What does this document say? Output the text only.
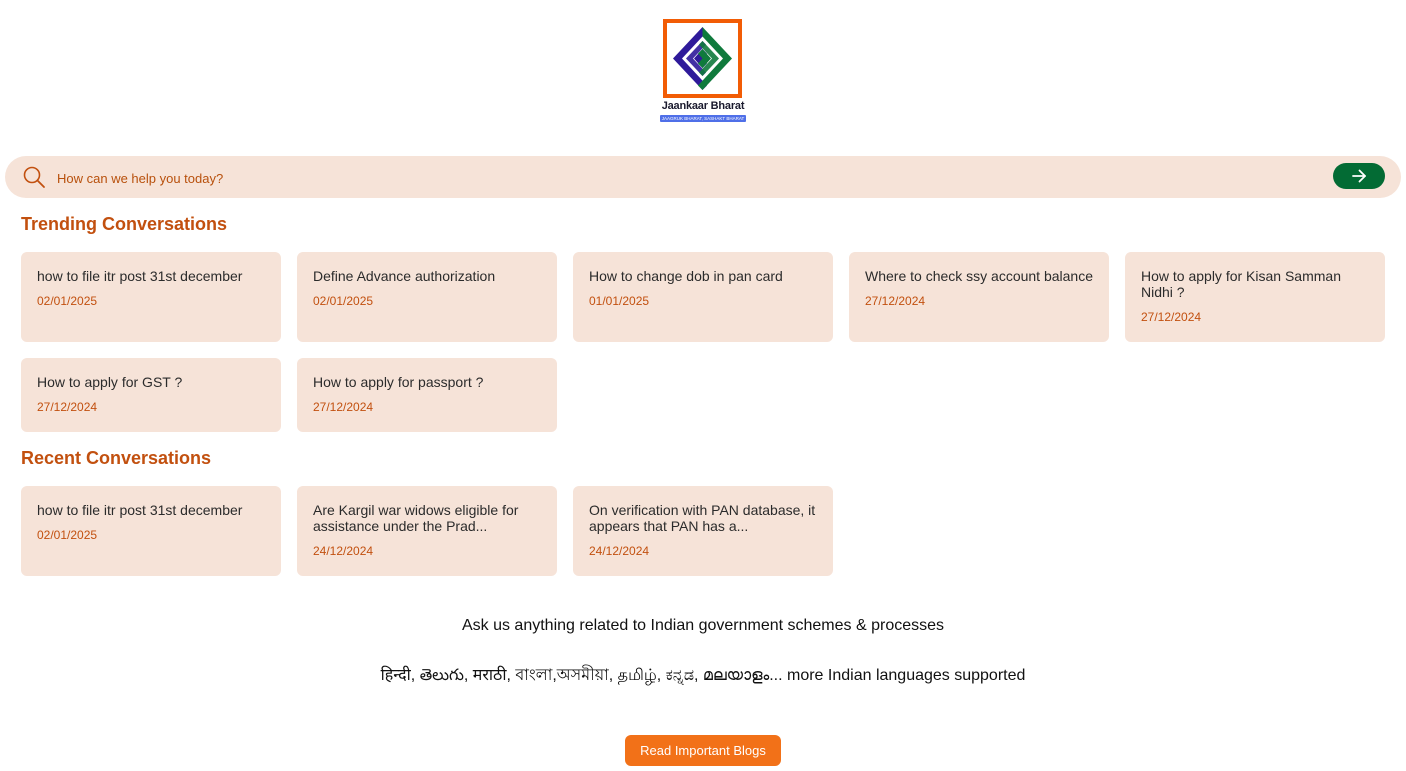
Jaankaar Bharat
JAAGRUK BHARAT, SASHAKT BHARAT
How can we help you today?
Trending Conversations

how to file itr post 31st december

02/01/2025

Define Advance authorization

02/01/2025

How to change dob in pan card

01/01/2025

Where to check ssy account balance

27/12/2024

How to apply for Kisan Samman Nidhi ?

27/12/2024

How to apply for GST ?

27/12/2024

How to apply for passport ?

27/12/2024
Recent Conversations

how to file itr post 31st december

02/01/2025

Are Kargil war widows eligible for assistance under the Prad...

24/12/2024

On verification with PAN database, it appears that PAN has a...

24/12/2024
Ask us anything related to Indian government schemes & processes
हिन्दी, తెలుగు, मराठी, বাংলা,অসমীয়া, தமிழ், ಕನ್ನಡ, മലയാളം... more Indian languages supported
Read Important Blogs
